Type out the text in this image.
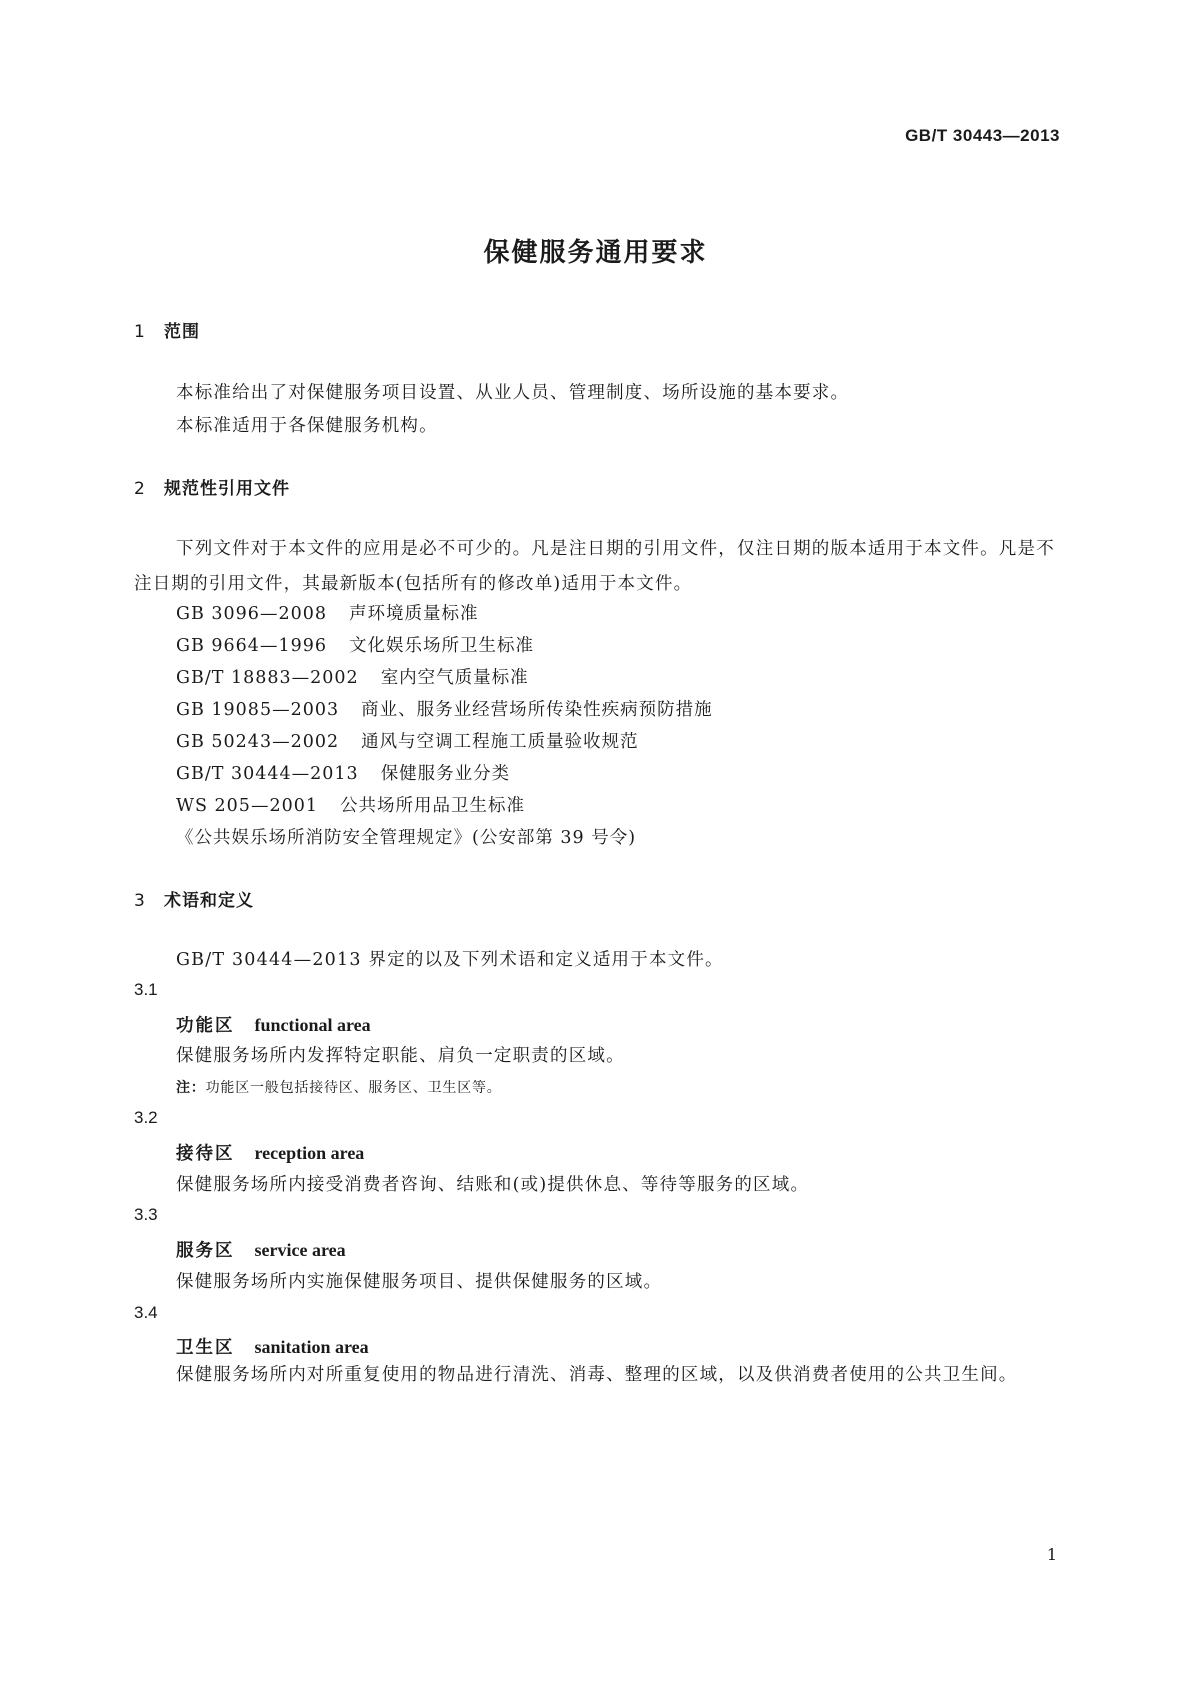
GB/T 30443—2013
保健服务通用要求
1 范围
本标准给出了对保健服务项目设置、从业人员、管理制度、场所设施的基本要求。
本标准适用于各保健服务机构。
2 规范性引用文件
下列文件对于本文件的应用是必不可少的。凡是注日期的引用文件，仅注日期的版本适用于本文件。凡是不注日期的引用文件，其最新版本(包括所有的修改单)适用于本文件。
GB 3096—2008 声环境质量标准
GB 9664—1996 文化娱乐场所卫生标准
GB/T 18883—2002 室内空气质量标准
GB 19085—2003 商业、服务业经营场所传染性疾病预防措施
GB 50243—2002 通风与空调工程施工质量验收规范
GB/T 30444—2013 保健服务业分类
WS 205—2001 公共场所用品卫生标准
《公共娱乐场所消防安全管理规定》(公安部第 39 号令)
3 术语和定义
GB/T 30444—2013 界定的以及下列术语和定义适用于本文件。
3.1
功能区 functional area
保健服务场所内发挥特定职能、肩负一定职责的区域。
注：功能区一般包括接待区、服务区、卫生区等。
3.2
接待区 reception area
保健服务场所内接受消费者咨询、结账和(或)提供休息、等待等服务的区域。
3.3
服务区 service area
保健服务场所内实施保健服务项目、提供保健服务的区域。
3.4
卫生区 sanitation area
保健服务场所内对所重复使用的物品进行清洗、消毒、整理的区域，以及供消费者使用的公共卫生间。
1
